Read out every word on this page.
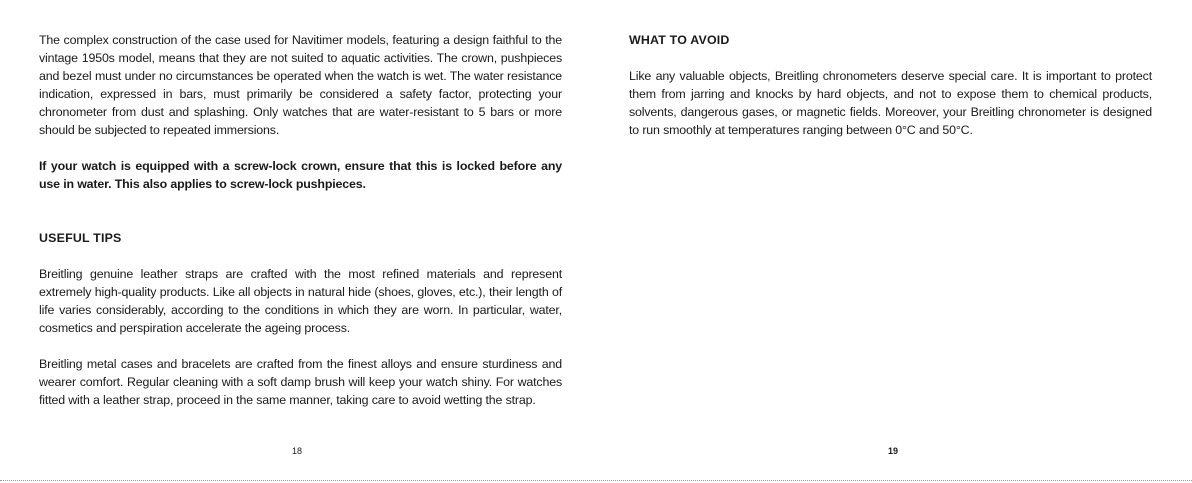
The complex construction of the case used for Navitimer models, featuring a design faithful to the vintage 1950s model, means that they are not suited to aquatic activities. The crown, pushpieces and bezel must under no circumstances be operated when the watch is wet. The water resistance indication, expressed in bars, must primarily be considered a safety factor, protecting your chronometer from dust and splashing. Only watches that are water-resistant to 5 bars or more should be subjected to repeated immersions.

If your watch is equipped with a screw-lock crown, ensure that this is locked before any use in water. This also applies to screw-lock pushpieces.

USEFUL TIPS

Breitling genuine leather straps are crafted with the most refined materials and represent extremely high-quality products. Like all objects in natural hide (shoes, gloves, etc.), their length of life varies considerably, according to the conditions in which they are worn. In particular, water, cosmetics and perspiration accelerate the ageing process.

Breitling metal cases and bracelets are crafted from the finest alloys and ensure sturdiness and wearer comfort. Regular cleaning with a soft damp brush will keep your watch shiny. For watches fitted with a leather strap, proceed in the same manner, taking care to avoid wetting the strap.

18
WHAT TO AVOID

Like any valuable objects, Breitling chronometers deserve special care. It is important to protect them from jarring and knocks by hard objects, and not to expose them to chemical products, solvents, dangerous gases, or magnetic fields. Moreover, your Breitling chronometer is designed to run smoothly at temperatures ranging between 0°C and 50°C.

19
